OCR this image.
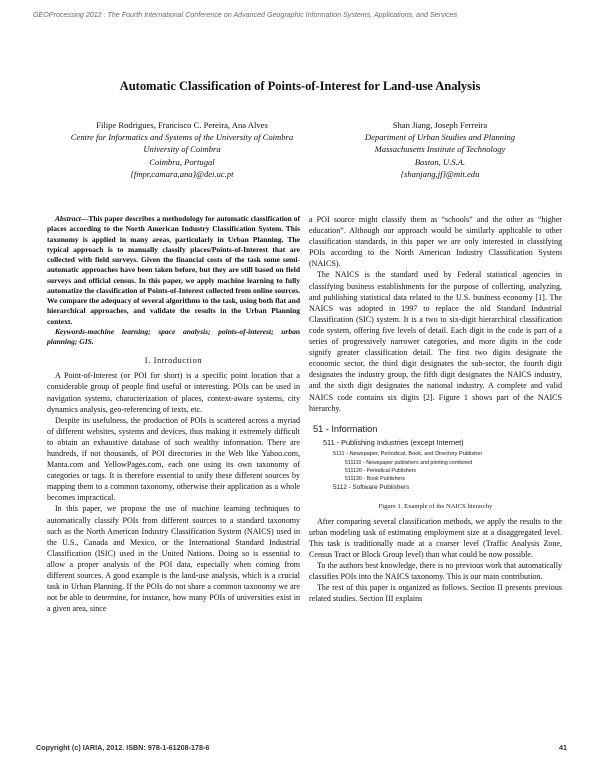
GEOProcessing 2012 : The Fourth International Conference on Advanced Geographic Information Systems, Applications, and Services
Automatic Classification of Points-of-Interest for Land-use Analysis
Filipe Rodrigues, Francisco C. Pereira, Ana Alves
Centre for Informatics and Systems of the University of Coimbra
University of Coimbra
Coimbra, Portugal
{fmpr,camara,ana}@dei.uc.pt
Shan Jiang, Joseph Ferreira
Department of Urban Studies and Planning
Massachusetts Institute of Technology
Boston, U.S.A.
{shanjang,jf}@mit.edu

Abstract—This paper describes a methodology for automatic classification of places according to the North American Industry Classification System. This taxonomy is applied in many areas, particularly in Urban Planning. The typical approach is to manually classify places/Points-of-Interest that are collected with field surveys. Given the financial costs of the task some semi-automatic approaches have been taken before, but they are still based on field surveys and official census. In this paper, we apply machine learning to fully automatize the classification of Points-of-Interest collected from online sources. We compare the adequacy of several algorithms to the task, using both flat and hierarchical approaches, and validate the results in the Urban Planning context.

Keywords-machine learning; space analysis; points-of-interest; urban planning; GIS.

I. Introduction

A Point-of-Interest (or POI for short) is a specific point location that a considerable group of people find useful or interesting. POIs can be used in navigation systems, characterization of places, context-aware systems, city dynamics analysis, geo-referencing of texts, etc.

Despite its usefulness, the production of POIs is scattered across a myriad of different websites, systems and devices, thus making it extremely difficult to obtain an exhaustive database of such wealthy information. There are hundreds, if not thousands, of POI directories in the Web like Yahoo.com, Manta.com and YellowPages.com, each one using its own taxonomy of categories or tags. It is therefore essential to unify these different sources by mapping them to a common taxonomy, otherwise their application as a whole becomes impractical.

In this paper, we propose the use of machine learning techniques to automatically classify POIs from different sources to a standard taxonomy such as the North American Industry Classification System (NAICS) used in the U.S., Canada and Mexico, or the International Standard Industrial Classification (ISIC) used in the United Nations. Doing so is essential to allow a proper analysis of the POI data, especially when coming from different sources. A good example is the land-use analysis, which is a crucial task in Urban Planning. If the POIs do not share a common taxonomy we are not be able to determine, for instance, how many POIs of universities exist in a given area, since

a POI source might classify them as “schools” and the other as “higher education”. Although our approach would be similarly applicable to other classification standards, in this paper we are only interested in classifying POIs according to the North American Industry Classification System (NAICS).

The NAICS is the standard used by Federal statistical agencies in classifying business establishments for the purpose of collecting, analyzing, and publishing statistical data related to the U.S. business economy [1]. The NAICS was adopted in 1997 to replace the old Standard Industrial Classification (SIC) system. It is a two to six-digit hierarchical classification code system, offering five levels of detail. Each digit in the code is part of a series of progressively narrower categories, and more digits in the code signify greater classification detail. The first two digits designate the economic sector, the third digit designates the sub-sector, the fourth digit designates the industry group, the fifth digit designates the NAICS industry, and the sixth digit designates the national industry. A complete and valid NAICS code contains six digits [2]. Figure 1 shows part of the NAICS hierarchy.

51 - Information
511 - Publishing Industries (except Internet)
5111 - Newspaper, Periodical, Book, and Directory Publisher
511110 - Newspaper publishers and printing combined
511120 - Periodical Publishers
511130 - Book Publishers
5112 - Software Publishers
Figure 1. Example of the NAICS hierarchy

After comparing several classification methods, we apply the results to the urban modeling task of estimating employment size at a disaggregated level. This task is traditionally made at a coarser level (Traffic Analysis Zone, Census Tract or Block Group level) than what could be now possible.

To the authors best knowledge, there is no previous work that automatically classifies POIs into the NAICS taxonomy. This is our main contribution.

The rest of this paper is organized as follows. Section II presents previous related studies. Section III explains

Copyright (c) IARIA, 2012. ISBN: 978-1-61208-178-6	41
